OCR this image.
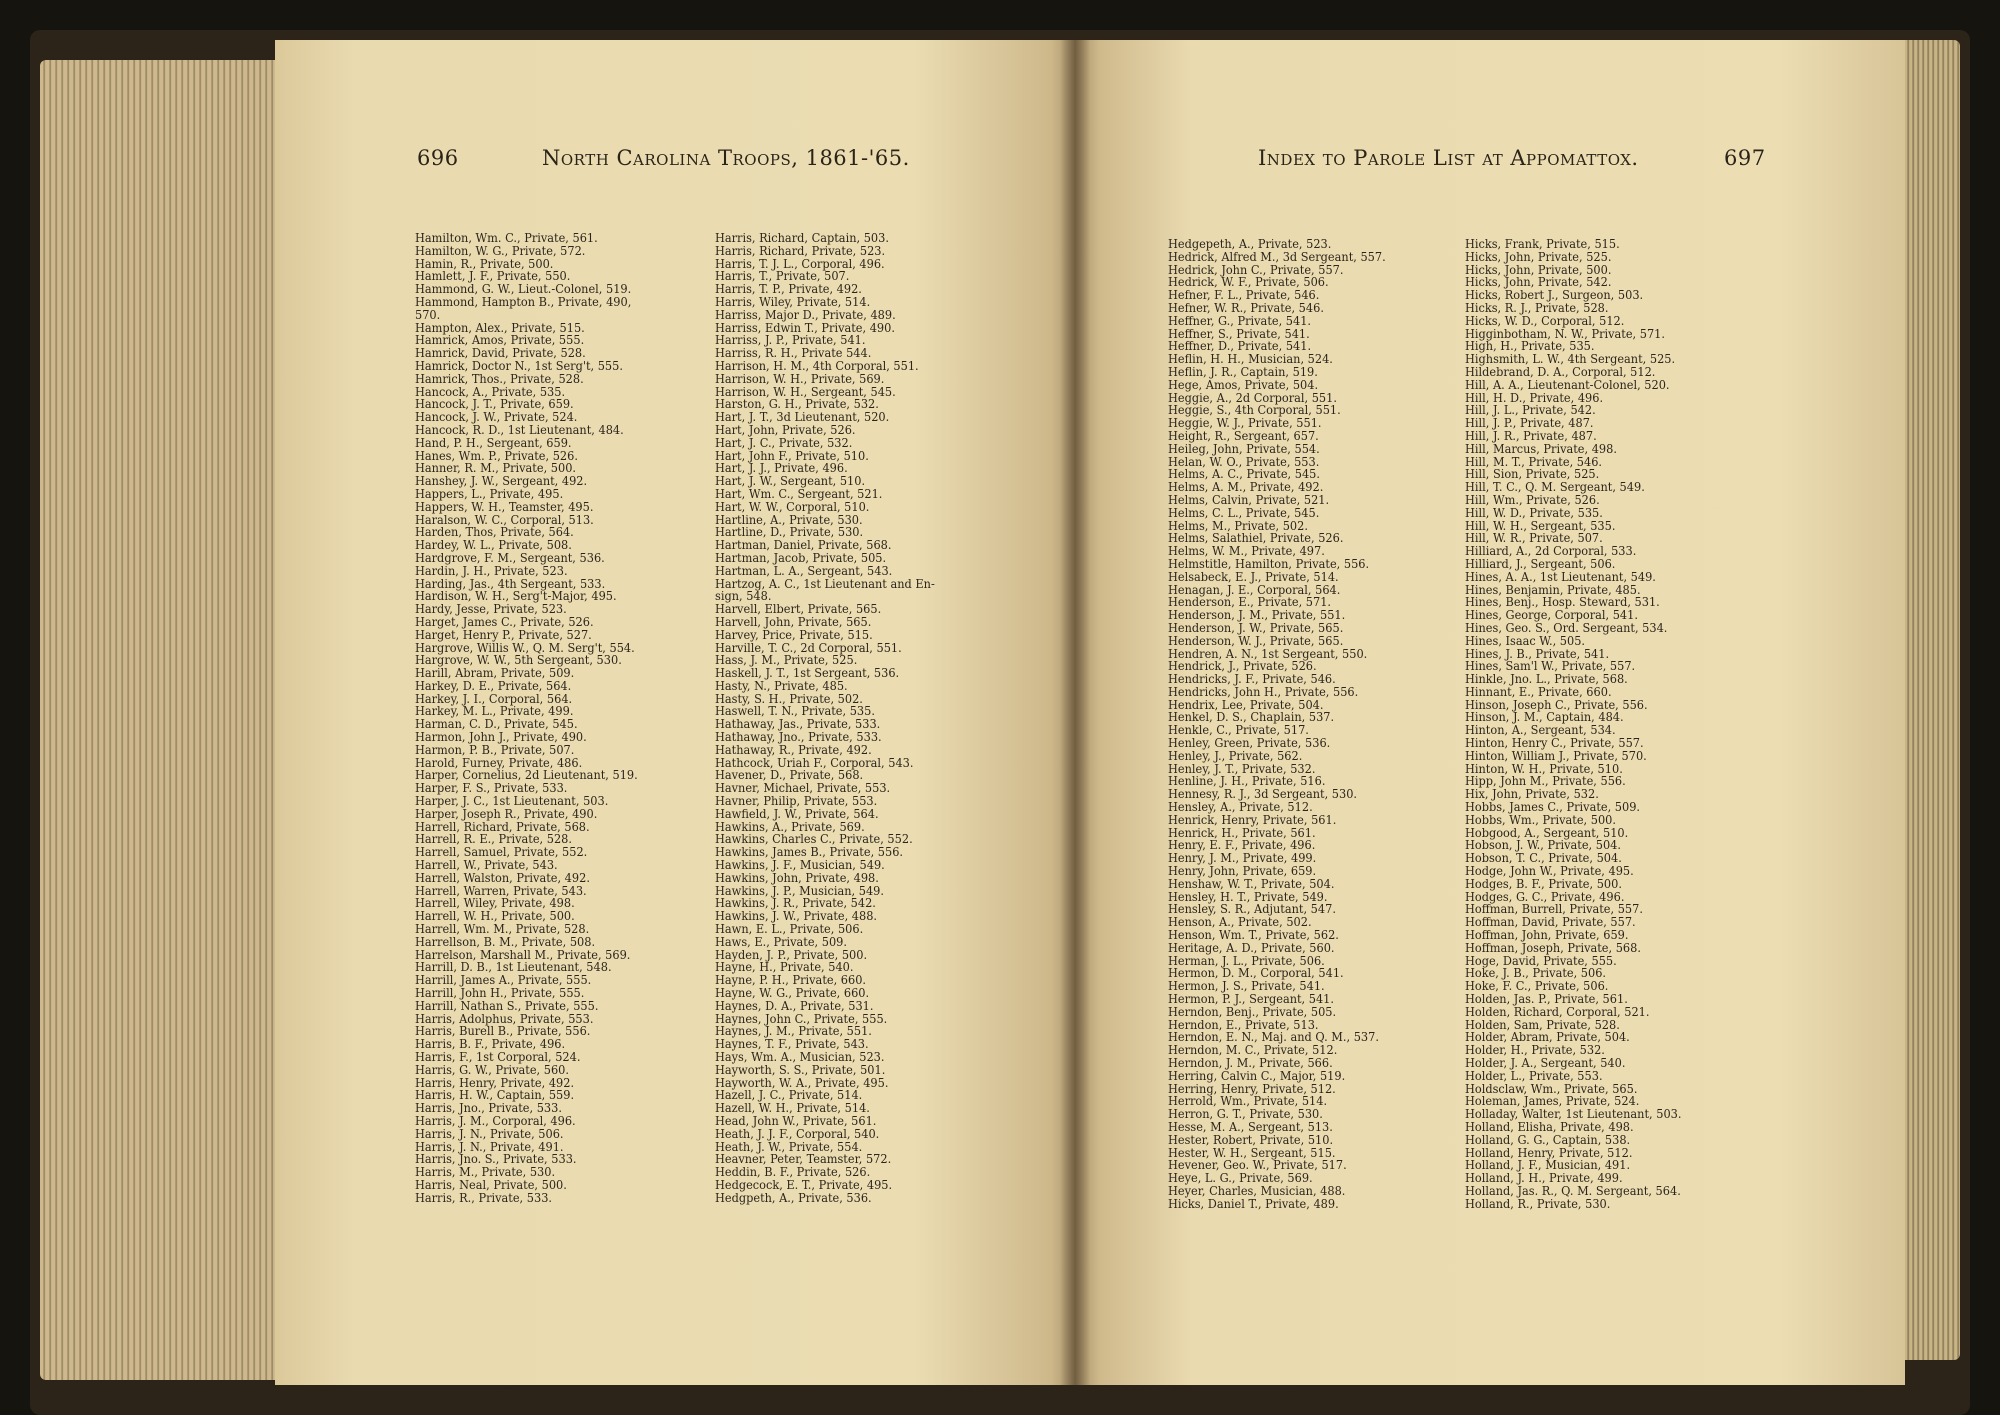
696	North Carolina Troops, 1861-'65.	Index to Parole List at Appomattox.	697
Hamilton, Wm. C., Private, 561.
Hamilton, W. G., Private, 572.
Hamin, R., Private, 500.
Hamlett, J. F., Private, 550.
Hammond, G. W., Lieut.-Colonel, 519.
Hammond, Hampton B., Private, 490,
570.
Hampton, Alex., Private, 515.
Hamrick, Amos, Private, 555.
Hamrick, David, Private, 528.
Hamrick, Doctor N., 1st Serg't, 555.
Hamrick, Thos., Private, 528.
Hancock, A., Private, 535.
Hancock, J. T., Private, 659.
Hancock, J. W., Private, 524.
Hancock, R. D., 1st Lieutenant, 484.
Hand, P. H., Sergeant, 659.
Hanes, Wm. P., Private, 526.
Hanner, R. M., Private, 500.
Hanshey, J. W., Sergeant, 492.
Happers, L., Private, 495.
Happers, W. H., Teamster, 495.
Haralson, W. C., Corporal, 513.
Harden, Thos, Private, 564.
Hardey, W. L., Private, 508.
Hardgrove, F. M., Sergeant, 536.
Hardin, J. H., Private, 523.
Harding, Jas., 4th Sergeant, 533.
Hardison, W. H., Serg't-Major, 495.
Hardy, Jesse, Private, 523.
Harget, James C., Private, 526.
Harget, Henry P., Private, 527.
Hargrove, Willis W., Q. M. Serg't, 554.
Hargrove, W. W., 5th Sergeant, 530.
Harill, Abram, Private, 509.
Harkey, D. E., Private, 564.
Harkey, J. I., Corporal, 564.
Harkey, M. L., Private, 499.
Harman, C. D., Private, 545.
Harmon, John J., Private, 490.
Harmon, P. B., Private, 507.
Harold, Furney, Private, 486.
Harper, Cornelius, 2d Lieutenant, 519.
Harper, F. S., Private, 533.
Harper, J. C., 1st Lieutenant, 503.
Harper, Joseph R., Private, 490.
Harrell, Richard, Private, 568.
Harrell, R. E., Private, 528.
Harrell, Samuel, Private, 552.
Harrell, W., Private, 543.
Harrell, Walston, Private, 492.
Harrell, Warren, Private, 543.
Harrell, Wiley, Private, 498.
Harrell, W. H., Private, 500.
Harrell, Wm. M., Private, 528.
Harrellson, B. M., Private, 508.
Harrelson, Marshall M., Private, 569.
Harrill, D. B., 1st Lieutenant, 548.
Harrill, James A., Private, 555.
Harrill, John H., Private, 555.
Harrill, Nathan S., Private, 555.
Harris, Adolphus, Private, 553.
Harris, Burell B., Private, 556.
Harris, B. F., Private, 496.
Harris, F., 1st Corporal, 524.
Harris, G. W., Private, 560.
Harris, Henry, Private, 492.
Harris, H. W., Captain, 559.
Harris, Jno., Private, 533.
Harris, J. M., Corporal, 496.
Harris, J. N., Private, 506.
Harris, J. N., Private, 491.
Harris, Jno. S., Private, 533.
Harris, M., Private, 530.
Harris, Neal, Private, 500.
Harris, R., Private, 533.
Harris, Richard, Captain, 503.
Harris, Richard, Private, 523.
Harris, T. J. L., Corporal, 496.
Harris, T., Private, 507.
Harris, T. P., Private, 492.
Harris, Wiley, Private, 514.
Harriss, Major D., Private, 489.
Harriss, Edwin T., Private, 490.
Harriss, J. P., Private, 541.
Harriss, R. H., Private 544.
Harrison, H. M., 4th Corporal, 551.
Harrison, W. H., Private, 569.
Harrison, W. H., Sergeant, 545.
Harston, G. H., Private, 532.
Hart, J. T., 3d Lieutenant, 520.
Hart, John, Private, 526.
Hart, J. C., Private, 532.
Hart, John F., Private, 510.
Hart, J. J., Private, 496.
Hart, J. W., Sergeant, 510.
Hart, Wm. C., Sergeant, 521.
Hart, W. W., Corporal, 510.
Hartline, A., Private, 530.
Hartline, D., Private, 530.
Hartman, Daniel, Private, 568.
Hartman, Jacob, Private, 505.
Hartman, L. A., Sergeant, 543.
Hartzog, A. C., 1st Lieutenant and En-
sign, 548.
Harvell, Elbert, Private, 565.
Harvell, John, Private, 565.
Harvey, Price, Private, 515.
Harville, T. C., 2d Corporal, 551.
Hass, J. M., Private, 525.
Haskell, J. T., 1st Sergeant, 536.
Hasty, N., Private, 485.
Hasty, S. H., Private, 502.
Haswell, T. N., Private, 535.
Hathaway, Jas., Private, 533.
Hathaway, Jno., Private, 533.
Hathaway, R., Private, 492.
Hathcock, Uriah F., Corporal, 543.
Havener, D., Private, 568.
Havner, Michael, Private, 553.
Havner, Philip, Private, 553.
Hawfield, J. W., Private, 564.
Hawkins, A., Private, 569.
Hawkins, Charles C., Private, 552.
Hawkins, James B., Private, 556.
Hawkins, J. F., Musician, 549.
Hawkins, John, Private, 498.
Hawkins, J. P., Musician, 549.
Hawkins, J. R., Private, 542.
Hawkins, J. W., Private, 488.
Hawn, E. L., Private, 506.
Haws, E., Private, 509.
Hayden, J. P., Private, 500.
Hayne, H., Private, 540.
Hayne, P. H., Private, 660.
Hayne, W. G., Private, 660.
Haynes, D. A., Private, 531.
Haynes, John C., Private, 555.
Haynes, J. M., Private, 551.
Haynes, T. F., Private, 543.
Hays, Wm. A., Musician, 523.
Hayworth, S. S., Private, 501.
Hayworth, W. A., Private, 495.
Hazell, J. C., Private, 514.
Hazell, W. H., Private, 514.
Head, John W., Private, 561.
Heath, J. J. F., Corporal, 540.
Heath, J. W., Private, 554.
Heavner, Peter, Teamster, 572.
Heddin, B. F., Private, 526.
Hedgecock, E. T., Private, 495.
Hedgpeth, A., Private, 536.
Hedgepeth, A., Private, 523.
Hedrick, Alfred M., 3d Sergeant, 557.
Hedrick, John C., Private, 557.
Hedrick, W. F., Private, 506.
Hefner, F. L., Private, 546.
Hefner, W. R., Private, 546.
Heffner, G., Private, 541.
Heffner, S., Private, 541.
Heffner, D., Private, 541.
Heflin, H. H., Musician, 524.
Heflin, J. R., Captain, 519.
Hege, Amos, Private, 504.
Heggie, A., 2d Corporal, 551.
Heggie, S., 4th Corporal, 551.
Heggie, W. J., Private, 551.
Height, R., Sergeant, 657.
Heileg, John, Private, 554.
Helan, W. O., Private, 553.
Helms, A. C., Private, 545.
Helms, A. M., Private, 492.
Helms, Calvin, Private, 521.
Helms, C. L., Private, 545.
Helms, M., Private, 502.
Helms, Salathiel, Private, 526.
Helms, W. M., Private, 497.
Helmstitle, Hamilton, Private, 556.
Helsabeck, E. J., Private, 514.
Henagan, J. E., Corporal, 564.
Henderson, E., Private, 571.
Henderson, J. M., Private, 551.
Henderson, J. W., Private, 565.
Henderson, W. J., Private, 565.
Hendren, A. N., 1st Sergeant, 550.
Hendrick, J., Private, 526.
Hendricks, J. F., Private, 546.
Hendricks, John H., Private, 556.
Hendrix, Lee, Private, 504.
Henkel, D. S., Chaplain, 537.
Henkle, C., Private, 517.
Henley, Green, Private, 536.
Henley, J., Private, 562.
Henley, J. T., Private, 532.
Henline, J. H., Private, 516.
Hennesy, R. J., 3d Sergeant, 530.
Hensley, A., Private, 512.
Henrick, Henry, Private, 561.
Henrick, H., Private, 561.
Henry, E. F., Private, 496.
Henry, J. M., Private, 499.
Henry, John, Private, 659.
Henshaw, W. T., Private, 504.
Hensley, H. T., Private, 549.
Hensley, S. R., Adjutant, 547.
Henson, A., Private, 502.
Henson, Wm. T., Private, 562.
Heritage, A. D., Private, 560.
Herman, J. L., Private, 506.
Hermon, D. M., Corporal, 541.
Hermon, J. S., Private, 541.
Hermon, P. J., Sergeant, 541.
Herndon, Benj., Private, 505.
Herndon, E., Private, 513.
Herndon, E. N., Maj. and Q. M., 537.
Herndon, M. C., Private, 512.
Herndon, J. M., Private, 566.
Herring, Calvin C., Major, 519.
Herring, Henry, Private, 512.
Herrold, Wm., Private, 514.
Herron, G. T., Private, 530.
Hesse, M. A., Sergeant, 513.
Hester, Robert, Private, 510.
Hester, W. H., Sergeant, 515.
Hevener, Geo. W., Private, 517.
Heye, L. G., Private, 569.
Heyer, Charles, Musician, 488.
Hicks, Daniel T., Private, 489.
Hicks, Frank, Private, 515.
Hicks, John, Private, 525.
Hicks, John, Private, 500.
Hicks, John, Private, 542.
Hicks, Robert J., Surgeon, 503.
Hicks, R. J., Private, 528.
Hicks, W. D., Corporal, 512.
Higginbotham, N. W., Private, 571.
High, H., Private, 535.
Highsmith, L. W., 4th Sergeant, 525.
Hildebrand, D. A., Corporal, 512.
Hill, A. A., Lieutenant-Colonel, 520.
Hill, H. D., Private, 496.
Hill, J. L., Private, 542.
Hill, J. P., Private, 487.
Hill, J. R., Private, 487.
Hill, Marcus, Private, 498.
Hill, M. T., Private, 546.
Hill, Sion, Private, 525.
Hill, T. C., Q. M. Sergeant, 549.
Hill, Wm., Private, 526.
Hill, W. D., Private, 535.
Hill, W. H., Sergeant, 535.
Hill, W. R., Private, 507.
Hilliard, A., 2d Corporal, 533.
Hilliard, J., Sergeant, 506.
Hines, A. A., 1st Lieutenant, 549.
Hines, Benjamin, Private, 485.
Hines, Benj., Hosp. Steward, 531.
Hines, George, Corporal, 541.
Hines, Geo. S., Ord. Sergeant, 534.
Hines, Isaac W., 505.
Hines, J. B., Private, 541.
Hines, Sam'l W., Private, 557.
Hinkle, Jno. L., Private, 568.
Hinnant, E., Private, 660.
Hinson, Joseph C., Private, 556.
Hinson, J. M., Captain, 484.
Hinton, A., Sergeant, 534.
Hinton, Henry C., Private, 557.
Hinton, William J., Private, 570.
Hinton, W. H., Private, 510.
Hipp, John M., Private, 556.
Hix, John, Private, 532.
Hobbs, James C., Private, 509.
Hobbs, Wm., Private, 500.
Hobgood, A., Sergeant, 510.
Hobson, J. W., Private, 504.
Hobson, T. C., Private, 504.
Hodge, John W., Private, 495.
Hodges, B. F., Private, 500.
Hodges, G. C., Private, 496.
Hoffman, Burrell, Private, 557.
Hoffman, David, Private, 557.
Hoffman, John, Private, 659.
Hoffman, Joseph, Private, 568.
Hoge, David, Private, 555.
Hoke, J. B., Private, 506.
Hoke, F. C., Private, 506.
Holden, Jas. P., Private, 561.
Holden, Richard, Corporal, 521.
Holden, Sam, Private, 528.
Holder, Abram, Private, 504.
Holder, H., Private, 532.
Holder, J. A., Sergeant, 540.
Holder, L., Private, 553.
Holdsclaw, Wm., Private, 565.
Holeman, James, Private, 524.
Holladay, Walter, 1st Lieutenant, 503.
Holland, Elisha, Private, 498.
Holland, G. G., Captain, 538.
Holland, Henry, Private, 512.
Holland, J. F., Musician, 491.
Holland, J. H., Private, 499.
Holland, Jas. R., Q. M. Sergeant, 564.
Holland, R., Private, 530.
